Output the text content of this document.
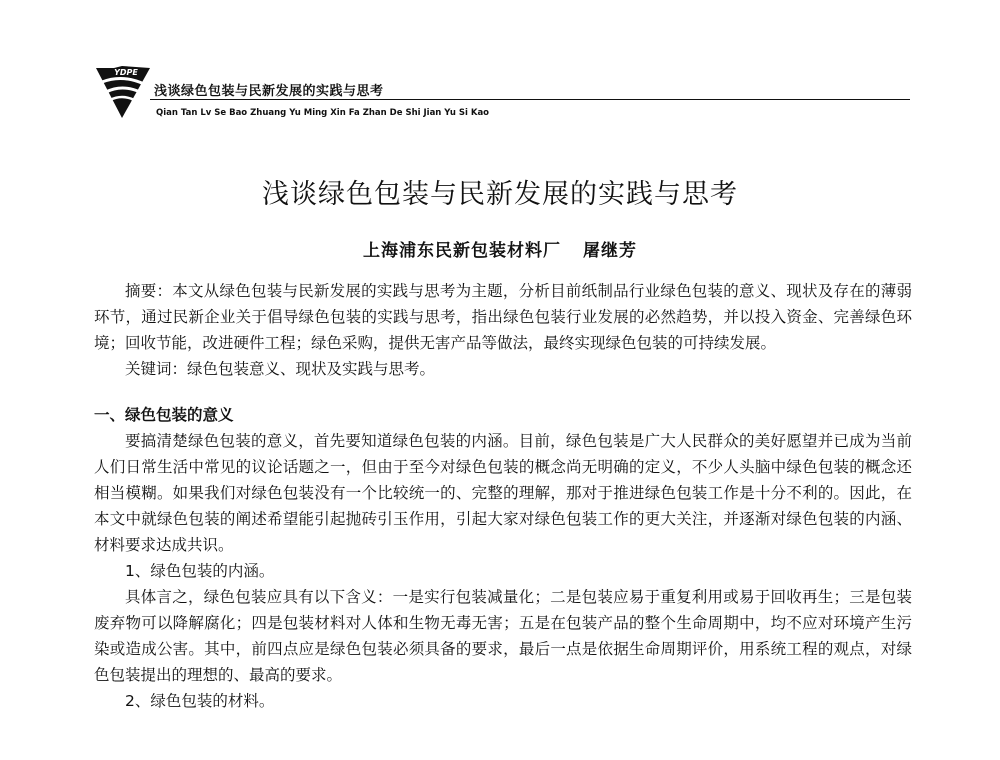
YDPE
浅谈绿色包装与民新发展的实践与思考
Qian Tan Lv Se Bao Zhuang Yu Ming Xin Fa Zhan De Shi Jian Yu Si Kao
浅谈绿色包装与民新发展的实践与思考
上海浦东民新包装材料厂 屠继芳

摘要：本文从绿色包装与民新发展的实践与思考为主题，分析目前纸制品行业绿色包装的意义、现状及存在的薄弱环节，通过民新企业关于倡导绿色包装的实践与思考，指出绿色包装行业发展的必然趋势，并以投入资金、完善绿色环境；回收节能，改进硬件工程；绿色采购，提供无害产品等做法，最终实现绿色包装的可持续发展。

关键词：绿色包装意义、现状及实践与思考。

一、绿色包装的意义

要搞清楚绿色包装的意义，首先要知道绿色包装的内涵。目前，绿色包装是广大人民群众的美好愿望并已成为当前人们日常生活中常见的议论话题之一，但由于至今对绿色包装的概念尚无明确的定义，不少人头脑中绿色包装的概念还相当模糊。如果我们对绿色包装没有一个比较统一的、完整的理解，那对于推进绿色包装工作是十分不利的。因此，在本文中就绿色包装的阐述希望能引起抛砖引玉作用，引起大家对绿色包装工作的更大关注，并逐渐对绿色包装的内涵、材料要求达成共识。

1、绿色包装的内涵。

具体言之，绿色包装应具有以下含义：一是实行包装减量化；二是包装应易于重复利用或易于回收再生；三是包装废弃物可以降解腐化；四是包装材料对人体和生物无毒无害；五是在包装产品的整个生命周期中，均不应对环境产生污染或造成公害。其中，前四点应是绿色包装必须具备的要求，最后一点是依据生命周期评价，用系统工程的观点，对绿色包装提出的理想的、最高的要求。

2、绿色包装的材料。
